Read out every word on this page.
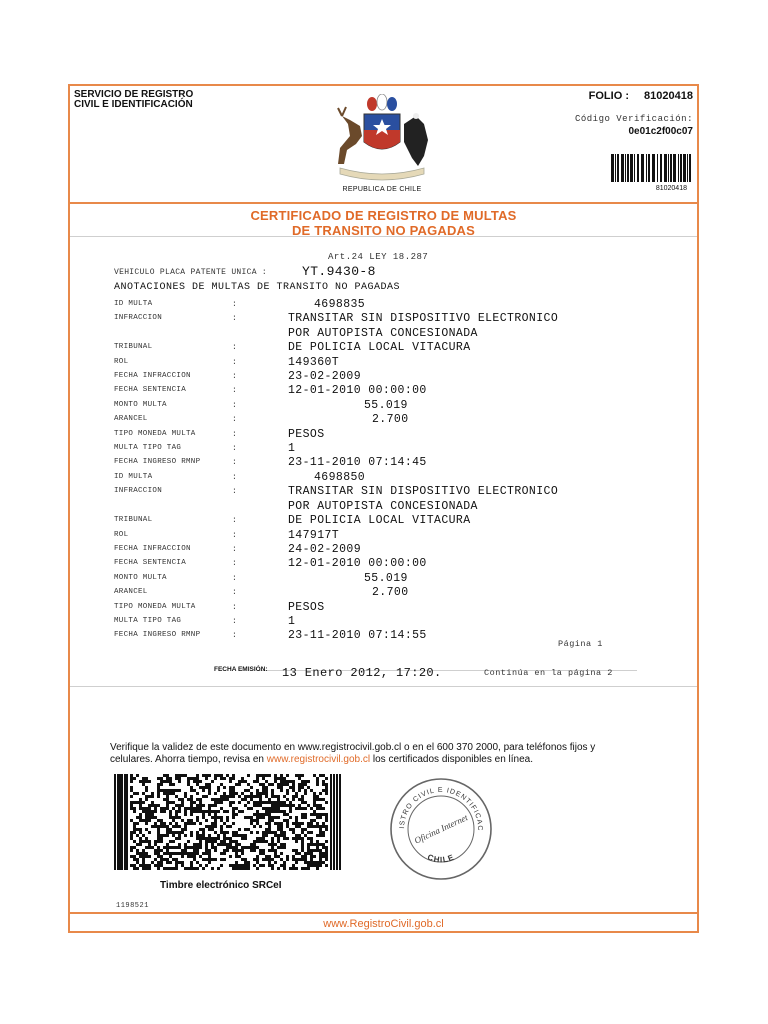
SERVICIO DE REGISTRO
CIVIL E IDENTIFICACIÓN
REPUBLICA DE CHILE
FOLIO : 81020418
Código Verificación:
0e01c2f00c07
81020418
CERTIFICADO DE REGISTRO DE MULTAS
DE TRANSITO NO PAGADAS
Art.24 LEY 18.287
VEHICULO PLACA PATENTE UNICA :	YT.9430-8
ANOTACIONES DE MULTAS DE TRANSITO NO PAGADAS
ID MULTA	:	4698835
INFRACCION	:	TRANSITAR SIN DISPOSITIVO ELECTRONICO
POR AUTOPISTA CONCESIONADA
TRIBUNAL	:	DE POLICIA LOCAL VITACURA
ROL	:	149360T
FECHA INFRACCION	:	23-02-2009
FECHA SENTENCIA	:	12-01-2010 00:00:00
MONTO MULTA	:	55.019
ARANCEL	:	2.700
TIPO MONEDA MULTA	:	PESOS
MULTA TIPO TAG	:	1
FECHA INGRESO RMNP	:	23-11-2010 07:14:45
ID MULTA	:	4698850
INFRACCION	:	TRANSITAR SIN DISPOSITIVO ELECTRONICO
POR AUTOPISTA CONCESIONADA
TRIBUNAL	:	DE POLICIA LOCAL VITACURA
ROL	:	147917T
FECHA INFRACCION	:	24-02-2009
FECHA SENTENCIA	:	12-01-2010 00:00:00
MONTO MULTA	:	55.019
ARANCEL	:	2.700
TIPO MONEDA MULTA	:	PESOS
MULTA TIPO TAG	:	1
FECHA INGRESO RMNP	:	23-11-2010 07:14:55
Página 1
FECHA EMISIÓN: 13 Enero 2012, 17:20.	Continúa en la página 2
Verifique la validez de este documento en www.registrocivil.gob.cl o en el 600 370 2000, para teléfonos fijos y
celulares. Ahorra tiempo, revisa en www.registrocivil.gob.cl los certificados disponibles en línea.
Timbre electrónico SRCeI
1198521
ISTRO CIVIL E IDENTIFICAC
Oficina Internet
CHILE
www.RegistroCivil.gob.cl
